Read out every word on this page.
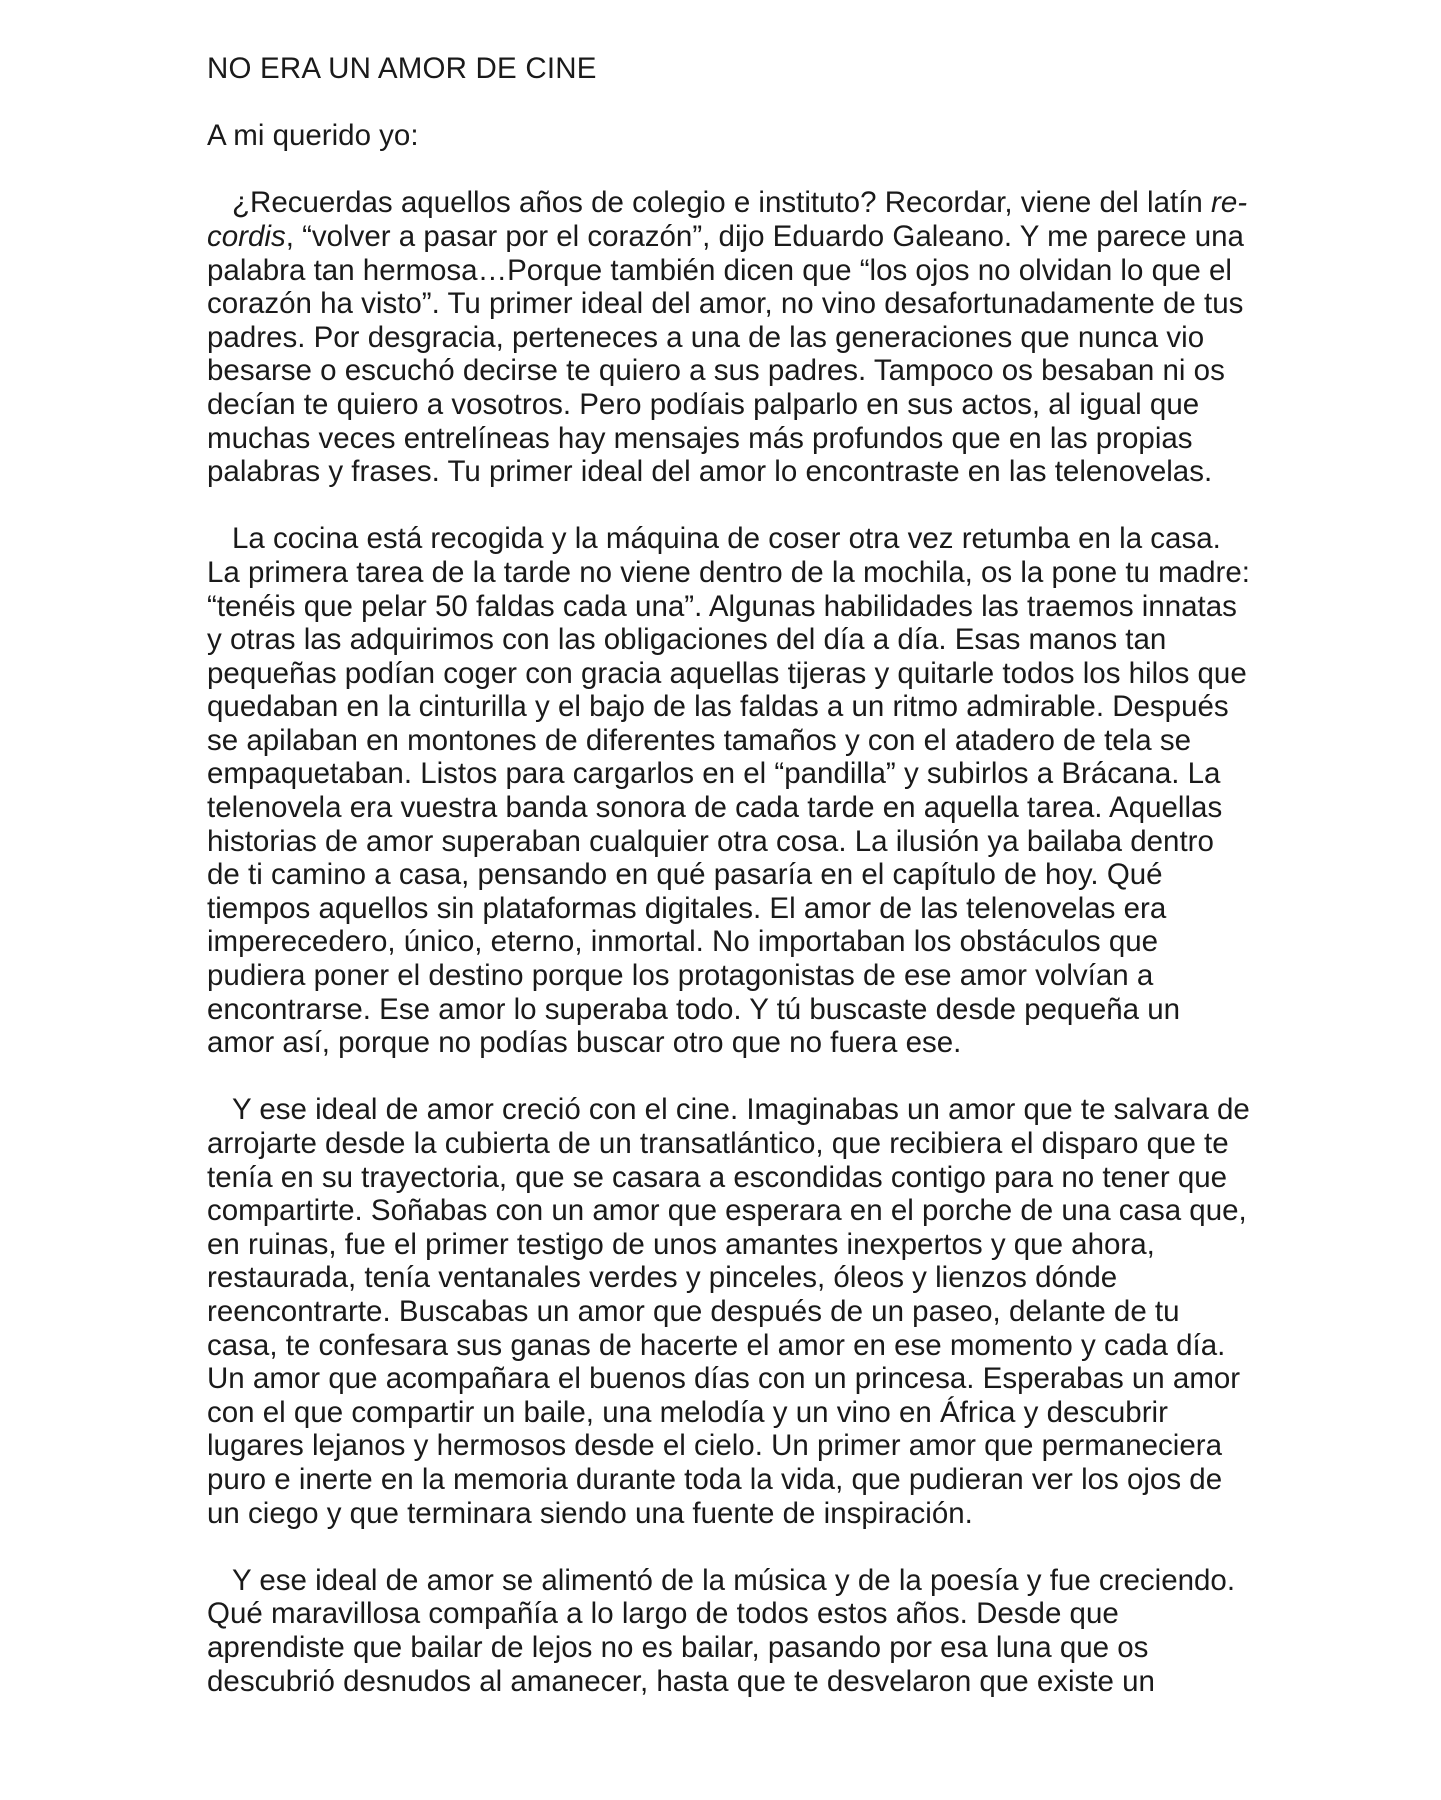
NO ERA UN AMOR DE CINE
A mi querido yo:
¿Recuerdas aquellos años de colegio e instituto? Recordar, viene del latín re-
cordis, “volver a pasar por el corazón”, dijo Eduardo Galeano. Y me parece una
palabra tan hermosa…Porque también dicen que “los ojos no olvidan lo que el
corazón ha visto”. Tu primer ideal del amor, no vino desafortunadamente de tus
padres. Por desgracia, perteneces a una de las generaciones que nunca vio
besarse o escuchó decirse te quiero a sus padres. Tampoco os besaban ni os
decían te quiero a vosotros. Pero podíais palparlo en sus actos, al igual que
muchas veces entrelíneas hay mensajes más profundos que en las propias
palabras y frases. Tu primer ideal del amor lo encontraste en las telenovelas.
La cocina está recogida y la máquina de coser otra vez retumba en la casa.
La primera tarea de la tarde no viene dentro de la mochila, os la pone tu madre:
“tenéis que pelar 50 faldas cada una”. Algunas habilidades las traemos innatas
y otras las adquirimos con las obligaciones del día a día. Esas manos tan
pequeñas podían coger con gracia aquellas tijeras y quitarle todos los hilos que
quedaban en la cinturilla y el bajo de las faldas a un ritmo admirable. Después
se apilaban en montones de diferentes tamaños y con el atadero de tela se
empaquetaban. Listos para cargarlos en el “pandilla” y subirlos a Brácana. La
telenovela era vuestra banda sonora de cada tarde en aquella tarea. Aquellas
historias de amor superaban cualquier otra cosa. La ilusión ya bailaba dentro
de ti camino a casa, pensando en qué pasaría en el capítulo de hoy. Qué
tiempos aquellos sin plataformas digitales. El amor de las telenovelas era
imperecedero, único, eterno, inmortal. No importaban los obstáculos que
pudiera poner el destino porque los protagonistas de ese amor volvían a
encontrarse. Ese amor lo superaba todo. Y tú buscaste desde pequeña un
amor así, porque no podías buscar otro que no fuera ese.
Y ese ideal de amor creció con el cine. Imaginabas un amor que te salvara de
arrojarte desde la cubierta de un transatlántico, que recibiera el disparo que te
tenía en su trayectoria, que se casara a escondidas contigo para no tener que
compartirte. Soñabas con un amor que esperara en el porche de una casa que,
en ruinas, fue el primer testigo de unos amantes inexpertos y que ahora,
restaurada, tenía ventanales verdes y pinceles, óleos y lienzos dónde
reencontrarte. Buscabas un amor que después de un paseo, delante de tu
casa, te confesara sus ganas de hacerte el amor en ese momento y cada día.
Un amor que acompañara el buenos días con un princesa. Esperabas un amor
con el que compartir un baile, una melodía y un vino en África y descubrir
lugares lejanos y hermosos desde el cielo. Un primer amor que permaneciera
puro e inerte en la memoria durante toda la vida, que pudieran ver los ojos de
un ciego y que terminara siendo una fuente de inspiración.
Y ese ideal de amor se alimentó de la música y de la poesía y fue creciendo.
Qué maravillosa compañía a lo largo de todos estos años. Desde que
aprendiste que bailar de lejos no es bailar, pasando por esa luna que os
descubrió desnudos al amanecer, hasta que te desvelaron que existe un
